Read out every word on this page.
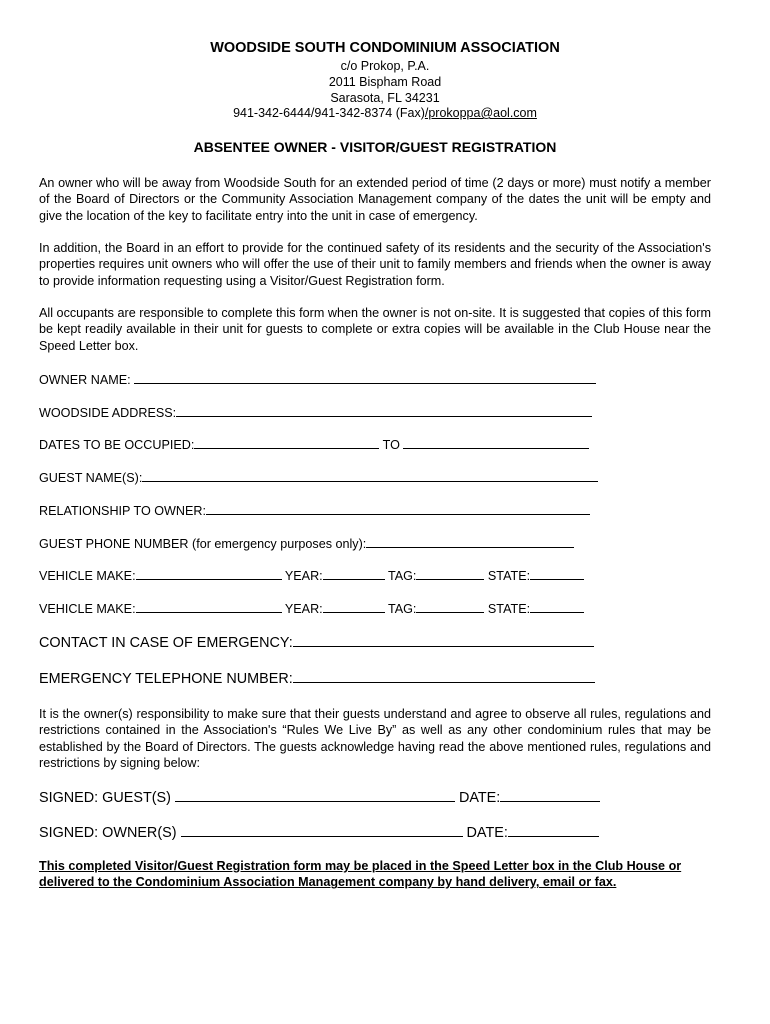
WOODSIDE SOUTH CONDOMINIUM ASSOCIATION
c/o Prokop, P.A.
2011 Bispham Road
Sarasota, FL 34231
941-342-6444/941-342-8374 (Fax)/prokoppa@aol.com
ABSENTEE OWNER - VISITOR/GUEST REGISTRATION

An owner who will be away from Woodside South for an extended period of time (2 days or more) must notify a member of the Board of Directors or the Community Association Management company of the dates the unit will be empty and give the location of the key to facilitate entry into the unit in case of emergency.

In addition, the Board in an effort to provide for the continued safety of its residents and the security of the Association's properties requires unit owners who will offer the use of their unit to family members and friends when the owner is away to provide information requesting using a Visitor/Guest Registration form.

All occupants are responsible to complete this form when the owner is not on-site. It is suggested that copies of this form be kept readily available in their unit for guests to complete or extra copies will be available in the Club House near the Speed Letter box.

OWNER NAME:
WOODSIDE ADDRESS:
DATES TO BE OCCUPIED:	TO
GUEST NAME(S):
RELATIONSHIP TO OWNER:
GUEST PHONE NUMBER (for emergency purposes only):
VEHICLE MAKE:	YEAR:	TAG:	STATE:
VEHICLE MAKE:	YEAR:	TAG:	STATE:
CONTACT IN CASE OF EMERGENCY:
EMERGENCY TELEPHONE NUMBER:

It is the owner(s) responsibility to make sure that their guests understand and agree to observe all rules, regulations and restrictions contained in the Association's “Rules We Live By” as well as any other condominium rules that may be established by the Board of Directors. The guests acknowledge having read the above mentioned rules, regulations and restrictions by signing below:

SIGNED: GUEST(S)	DATE:
SIGNED: OWNER(S)	DATE:

This completed Visitor/Guest Registration form may be placed in the Speed Letter box in the Club House or delivered to the Condominium Association Management company by hand delivery, email or fax.
